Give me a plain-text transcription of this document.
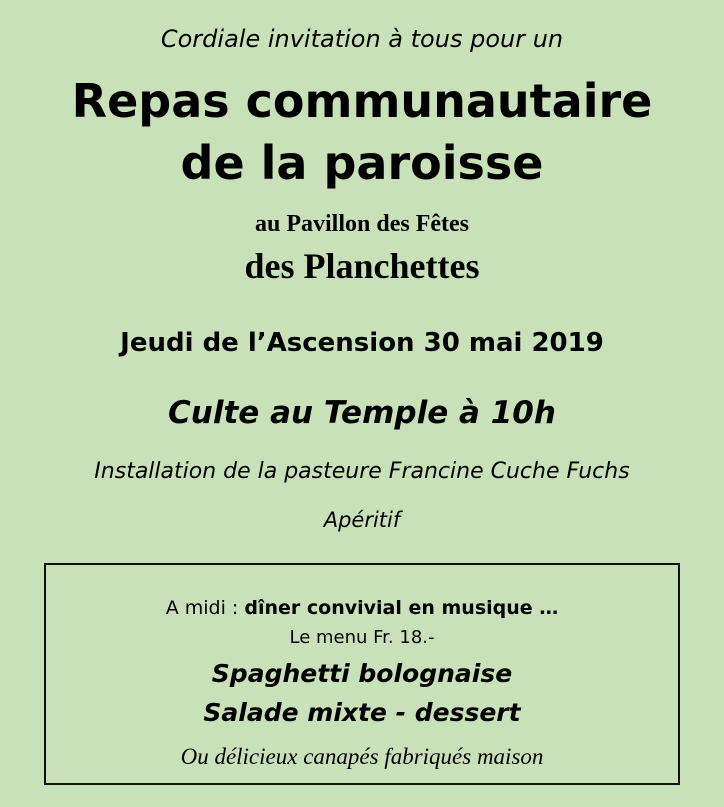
Cordiale invitation à tous pour un
Repas communautaire
de la paroisse
au Pavillon des Fêtes
des Planchettes
Jeudi de l’Ascension 30 mai 2019
Culte au Temple à 10h
Installation de la pasteure Francine Cuche Fuchs
Apéritif
A midi : dîner convivial en musique …
Le menu Fr. 18.-
Spaghetti bolognaise
Salade mixte - dessert
Ou délicieux canapés fabriqués maison
